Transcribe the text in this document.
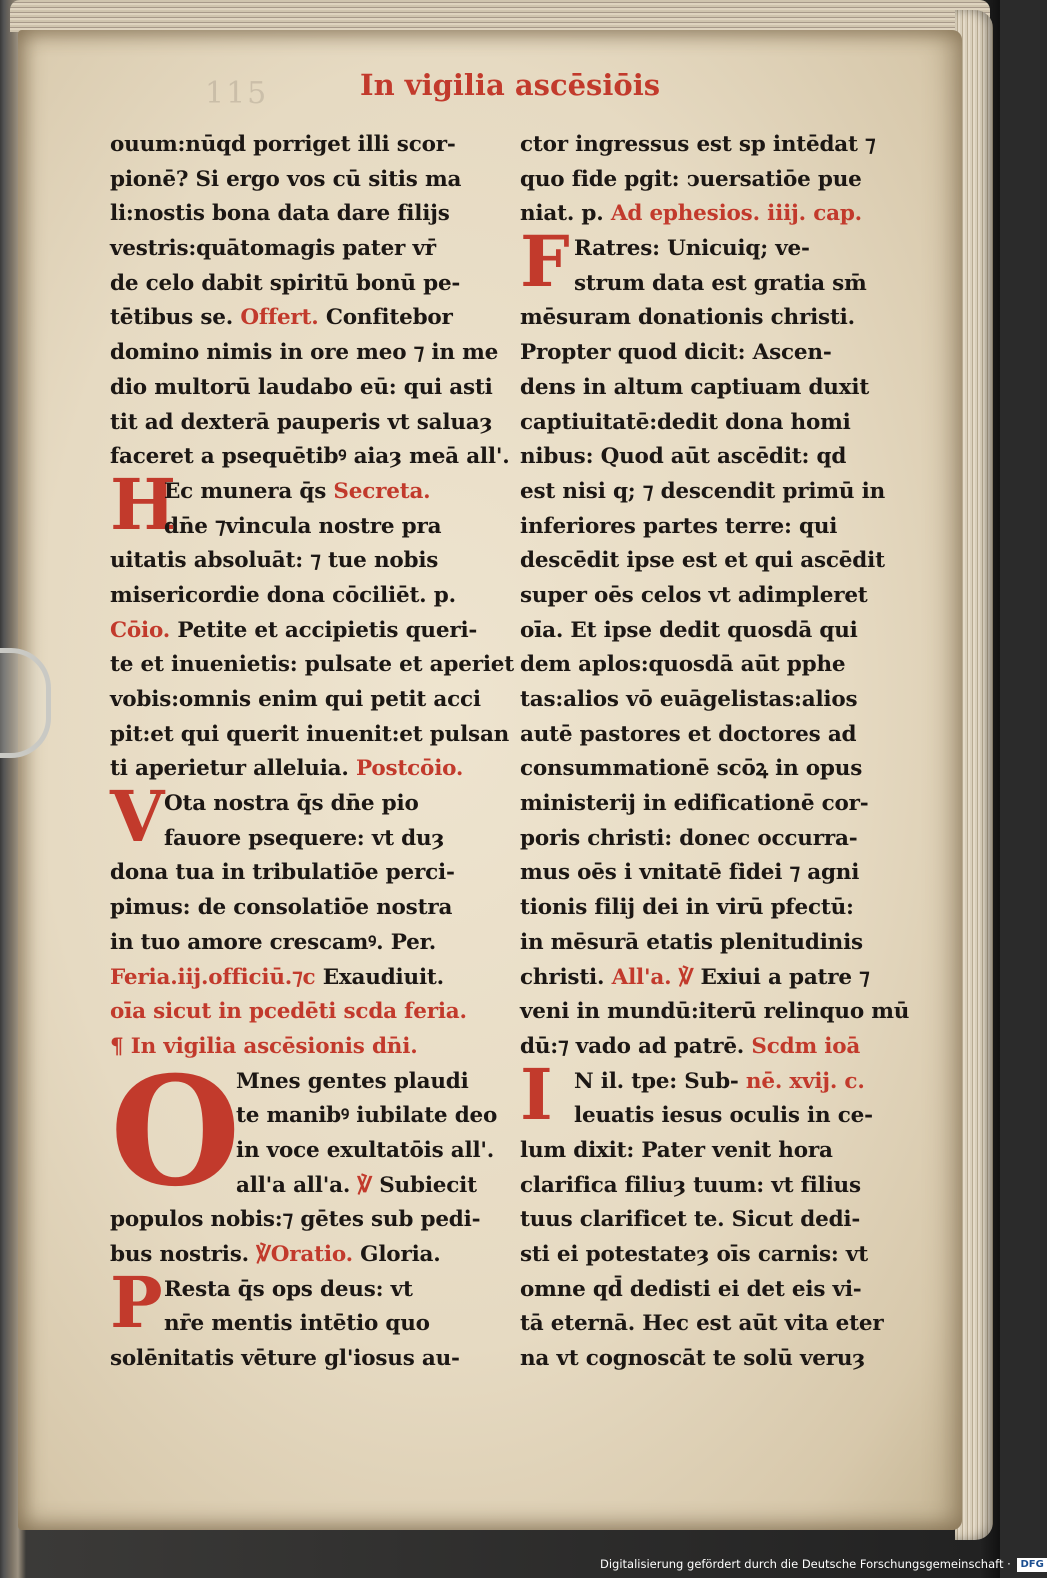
115	In vigilia ascēsiōis
ouum:nūqd porriget illi scor-
pionē? Si ergo vos cū sitis ma
li:nostis bona data dare filijs
vestris:quātomagis pater vr̄
de celo dabit spiritū bonū pe-
tētibus se. Offert. Confitebor
domino nimis in ore meo ⁊ in me
dio multorū laudabo eū: qui asti
tit ad dexterā pauperis vt saluaȝ
faceret a psequētibꝰ aiaȝ meā all'.
H
Ec munera q̄s Secreta.
dn̄e ⁊vincula nostre pra
uitatis absoluāt: ⁊ tue nobis
misericordie dona cōciliēt. p.
Cōio. Petite et accipietis queri-
te et inuenietis: pulsate et aperiet
vobis:omnis enim qui petit acci
pit:et qui querit inuenit:et pulsan
ti aperietur alleluia. Postcōio.
V Ota nostra q̄s dn̄e pio
fauore psequere: vt duȝ
dona tua in tribulatiōe perci-
pimus: de consolatiōe nostra
in tuo amore crescamꝰ. Per.
Feria.iij.officiū.⁊c Exaudiuit.
oīa sicut in pcedēti scda feria.
¶ In vigilia ascēsionis dn̄i.
O
Mnes gentes plaudi
te manibꝰ iubilate deo
in voce exultatōis all'.
all'a all'a. ℣ Subiecit
populos nobis:⁊ gētes sub pedi-
bus nostris. ℣Oratio. Gloria.
P Resta q̄s ops deus: vt
nr̄e mentis intētio quo
solēnitatis vēture gl'iosus au-
ctor ingressus est sp intēdat ⁊
quo fide pgit: ↄuersatiōe pue
niat. p. Ad ephesios. iiij. cap.
F Ratres: Unicuiq; ve-
strum data est gratia sm̄
mēsuram donationis christi.
Propter quod dicit: Ascen-
dens in altum captiuam duxit
captiuitatē:dedit dona homi
nibus: Quod aūt ascēdit: qd
est nisi q; ⁊ descendit primū in
inferiores partes terre: qui
descēdit ipse est et qui ascēdit
super oēs celos vt adimpleret
oīa. Et ipse dedit quosdā qui
dem aplos:quosdā aūt pphe
tas:alios vō euāgelistas:alios
autē pastores et doctores ad
consummationē scōꝝ in opus
ministerij in edificationē cor-
poris christi: donec occurra-
mus oēs i vnitatē fidei ⁊ agni
tionis filij dei in virū pfectū:
in mēsurā etatis plenitudinis
christi. All'a. ℣ Exiui a patre ⁊
veni in mundū:iterū relinquo mū
dū:⁊ vado ad patrē. Scdm ioā
I N il. tpe: Sub- nē. xvij. c.
leuatis iesus oculis in ce-
lum dixit: Pater venit hora
clarifica filiuȝ tuum: vt filius
tuus clarificet te. Sicut dedi-
sti ei potestateȝ oīs carnis: vt
omne qd̄ dedisti ei det eis vi-
tā eternā. Hec est aūt vita eter
na vt cognoscāt te solū veruȝ
Digitalisierung gefördert durch die Deutsche Forschungsgemeinschaft · DFG
